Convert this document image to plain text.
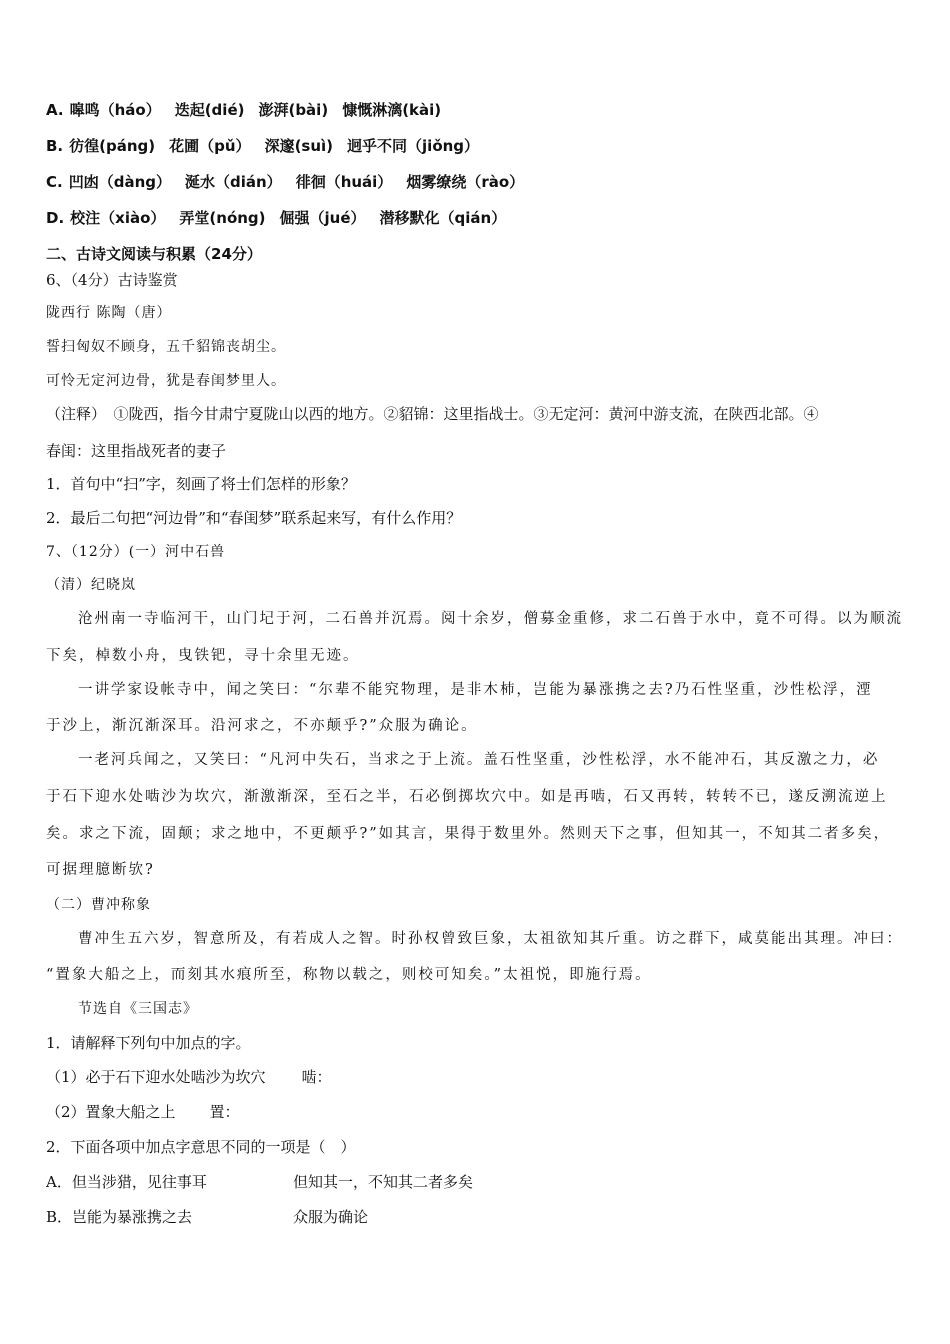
A. 嗥鸣（háo） 迭起(dié) 澎湃(bài) 慷慨淋漓(kài)
B. 彷徨(páng) 花圃（pǔ） 深邃(suì) 迥乎不同（jiǒng）
C. 凹凼（dàng） 涎水（dián） 徘徊（huái） 烟雾缭绕（rào）
D. 校注（xiào） 弄堂(nóng) 倔强（jué） 潜移默化（qián）
二、古诗文阅读与积累（24分）
6、（4分）古诗鉴赏
陇西行 陈陶（唐）
誓扫匈奴不顾身，五千貂锦丧胡尘。
可怜无定河边骨，犹是春闺梦里人。
（注释）　①陇西，指今甘肃宁夏陇山以西的地方。②貂锦：这里指战士。③无定河：黄河中游支流，在陕西北部。④
春闺：这里指战死者的妻子
1．首句中“扫”字，刻画了将士们怎样的形象？
2．最后二句把“河边骨”和“春闺梦”联系起来写，有什么作用？
7、（12分）(一）河中石兽
（清）纪晓岚
沧州南一寺临河干，山门圮于河，二石兽并沉焉。阅十余岁，僧募金重修，求二石兽于水中，竟不可得。以为顺流
下矣，棹数小舟，曳铁钯，寻十余里无迹。
一讲学家设帐寺中，闻之笑曰：“尔辈不能究物理，是非木杮，岂能为暴涨携之去?乃石性坚重，沙性松浮，湮
于沙上，渐沉渐深耳。沿河求之，不亦颠乎?”众服为确论。
一老河兵闻之，又笑曰：“凡河中失石，当求之于上流。盖石性坚重，沙性松浮，水不能冲石，其反激之力，必
于石下迎水处啮沙为坎穴，渐激渐深，至石之半，石必倒掷坎穴中。如是再啮，石又再转，转转不已，遂反溯流逆上
矣。求之下流，固颠；求之地中，不更颠乎?”如其言，果得于数里外。然则天下之事，但知其一，不知其二者多矣，
可据理臆断欤?
（二）曹冲称象
曹冲生五六岁，智意所及，有若成人之智。时孙权曾致巨象，太祖欲知其斤重。访之群下，咸莫能出其理。冲曰：
“置象大船之上，而刻其水痕所至，称物以载之，则校可知矣。”太祖悦，即施行焉。
节选自《三国志》
1．请解释下列句中加点的字。
（1）必于石下迎水处啮沙为坎穴 啮：
（2）置象大船之上 置：
2．下面各项中加点字意思不同的一项是（　）
A．但当涉猎，见往事耳	但知其一，不知其二者多矣
B．岂能为暴涨携之去	众服为确论
